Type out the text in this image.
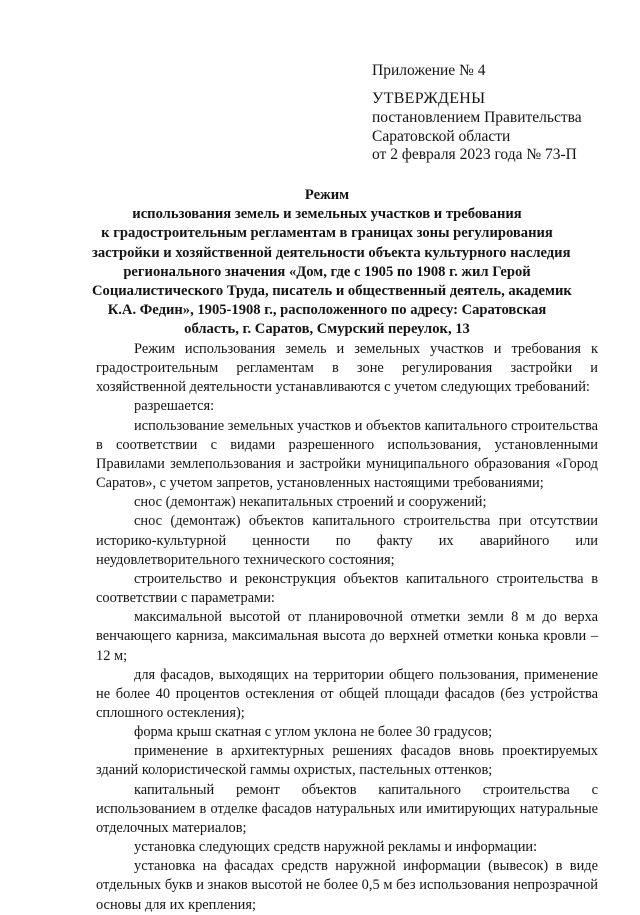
Приложение № 4
УТВЕРЖДЕНЫ
постановлением Правительства
Саратовской области
от 2 февраля 2023 года № 73-П
Режим
использования земель и земельных участков и требования
к градостроительным регламентам в границах зоны регулирования
застройки и хозяйственной деятельности объекта культурного наследия
регионального значения «Дом, где с 1905 по 1908 г. жил Герой
Социалистического Труда, писатель и общественный деятель, академик
К.А. Федин», 1905-1908 г., расположенного по адресу: Саратовская
область, г. Саратов, Смурский переулок, 13

Режим использования земель и земельных участков и требования к градостроительным регламентам в зоне регулирования застройки и хозяйственной деятельности устанавливаются с учетом следующих требований:

разрешается:

использование земельных участков и объектов капитального строительства в соответствии с видами разрешенного использования, установленными Правилами землепользования и застройки муниципального образования «Город Саратов», с учетом запретов, установленных настоящими требованиями;

снос (демонтаж) некапитальных строений и сооружений;

снос (демонтаж) объектов капитального строительства при отсутствии историко-культурной ценности по факту их аварийного или неудовлетворительного технического состояния;

строительство и реконструкция объектов капитального строительства в соответствии с параметрами:

максимальной высотой от планировочной отметки земли 8 м до верха венчающего карниза, максимальная высота до верхней отметки конька кровли – 12 м;

для фасадов, выходящих на территории общего пользования, применение не более 40 процентов остекления от общей площади фасадов (без устройства сплошного остекления);

форма крыш скатная с углом уклона не более 30 градусов;

применение в архитектурных решениях фасадов вновь проектируемых зданий колористической гаммы охристых, пастельных оттенков;

капитальный ремонт объектов капитального строительства с использованием в отделке фасадов натуральных или имитирующих натуральные отделочных материалов;

установка следующих средств наружной рекламы и информации:

установка на фасадах средств наружной информации (вывесок) в виде отдельных букв и знаков высотой не более 0,5 м без использования непрозрачной основы для их крепления;
